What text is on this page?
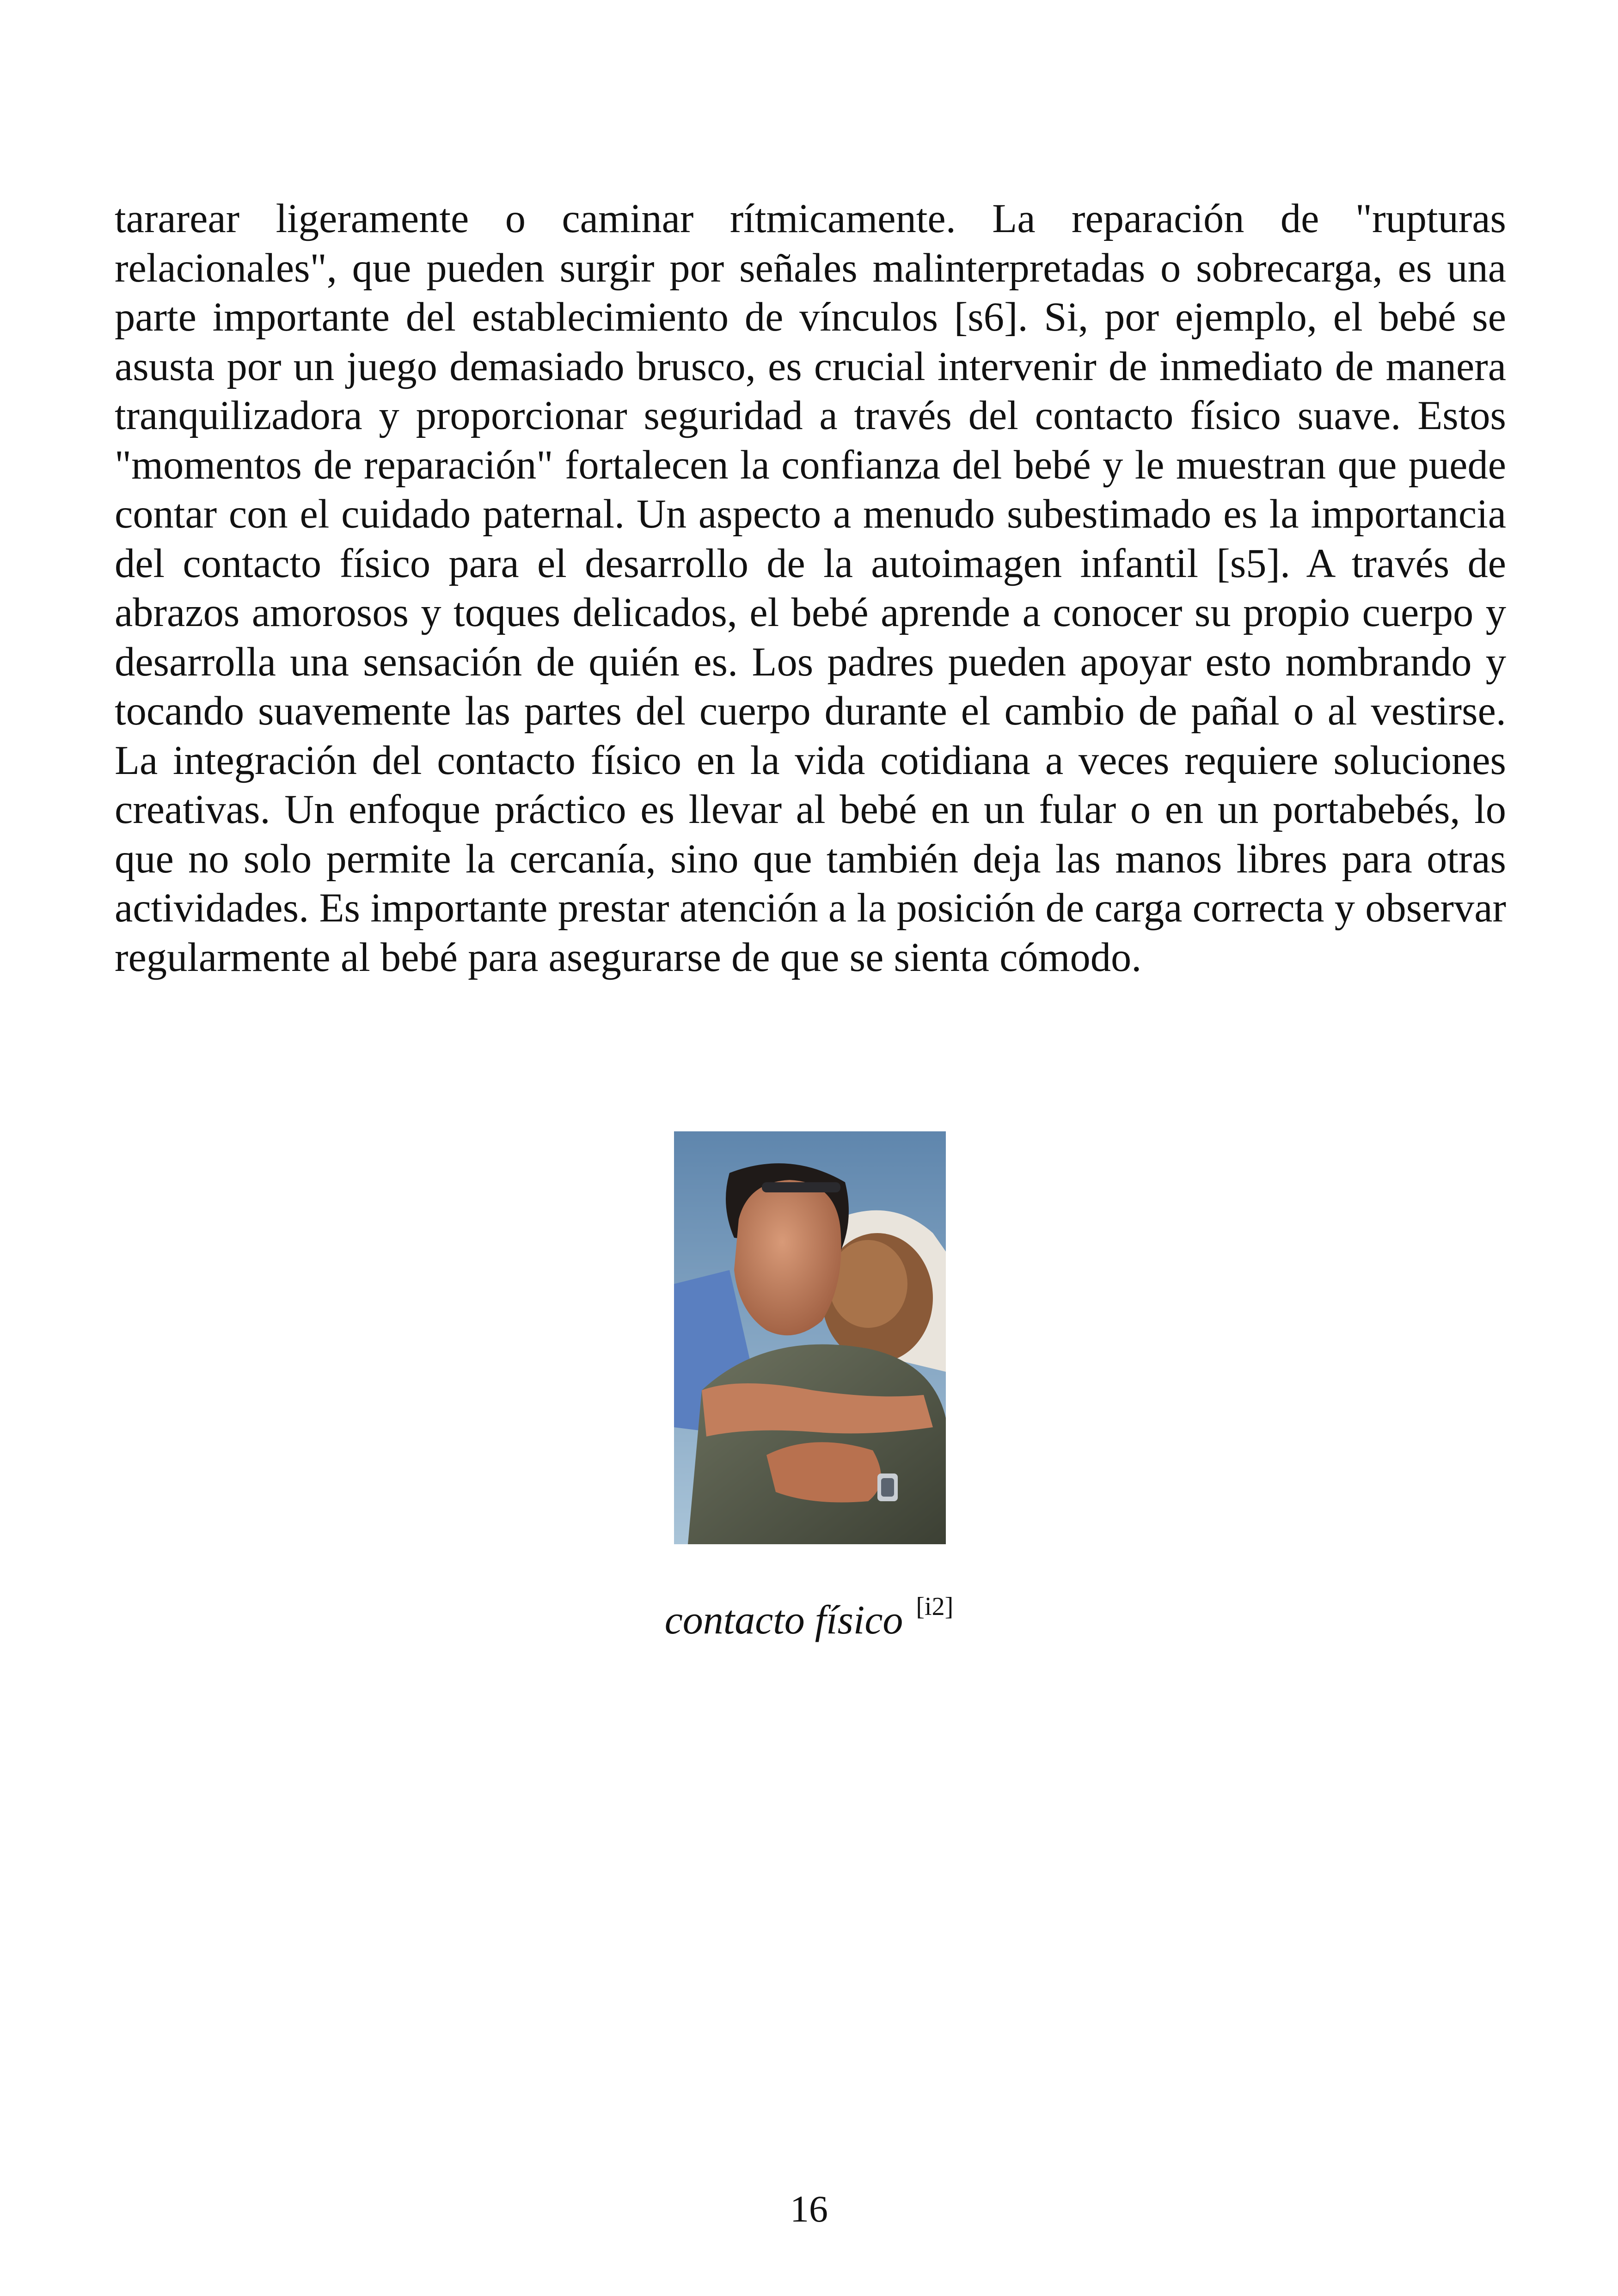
tararear ligeramente o caminar rítmicamente. La reparación de "rupturas relacionales", que pueden surgir por señales malinterpretadas o sobrecarga, es una parte importante del establecimiento de vínculos [s6]. Si, por ejemplo, el bebé se asusta por un juego demasiado brusco, es crucial intervenir de inmediato de manera tranquilizadora y proporcionar seguridad a través del contacto físico suave. Estos "momentos de reparación" fortalecen la confianza del bebé y le muestran que puede contar con el cuidado paternal. Un aspecto a menudo subestimado es la importancia del contacto físico para el desarrollo de la autoimagen infantil [s5]. A través de abrazos amorosos y toques delicados, el bebé aprende a conocer su propio cuerpo y desarrolla una sensación de quién es. Los padres pueden apoyar esto nombrando y tocando suavemente las partes del cuerpo durante el cambio de pañal o al vestirse. La integración del contacto físico en la vida cotidiana a veces requiere soluciones creativas. Un enfoque práctico es llevar al bebé en un fular o en un portabebés, lo que no solo permite la cercanía, sino que también deja las manos libres para otras actividades. Es importante prestar atención a la posición de carga correcta y observar regularmente al bebé para asegurarse de que se sienta cómodo.

contacto físico [i2]
16
